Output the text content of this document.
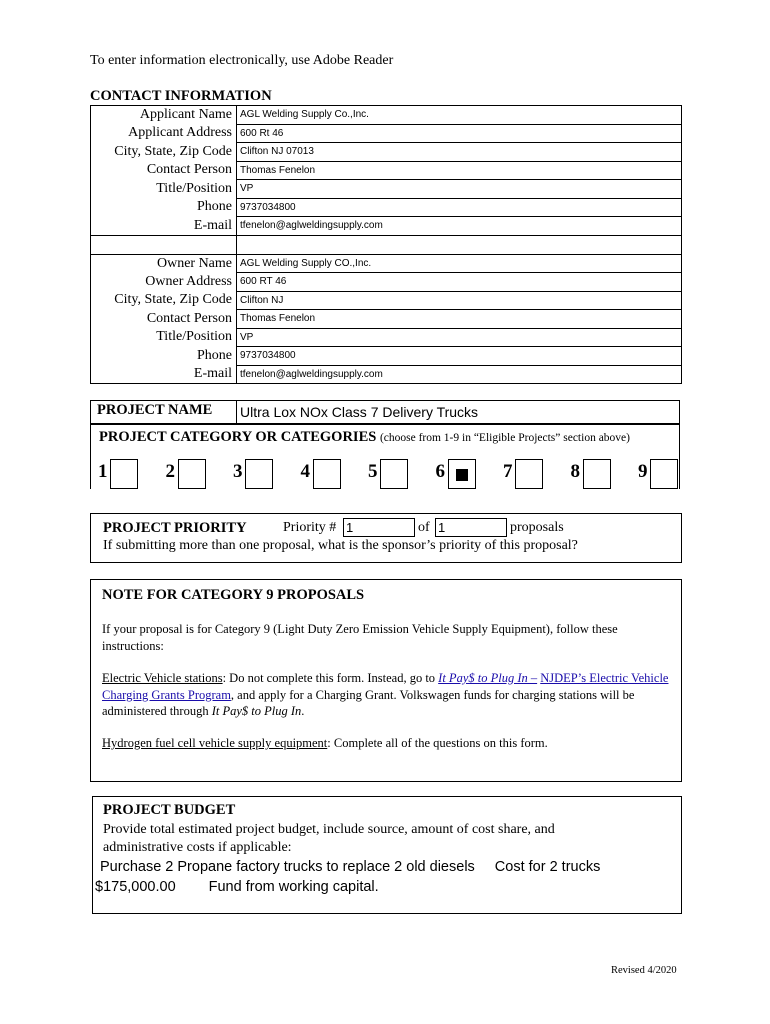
To enter information electronically, use Adobe Reader
CONTACT INFORMATION
Applicant Name	AGL Welding Supply Co.,Inc.
Applicant Address	600 Rt 46
City, State, Zip Code	Clifton NJ 07013
Contact Person	Thomas Fenelon
Title/Position	VP
Phone	9737034800
E-mail	tfenelon@aglweldingsupply.com

Owner Name	AGL Welding Supply CO.,Inc.
Owner Address	600 RT 46
City, State, Zip Code	Clifton NJ
Contact Person	Thomas Fenelon
Title/Position	VP
Phone	9737034800
E-mail	tfenelon@aglweldingsupply.com
PROJECT NAME Ultra Lox NOx Class 7 Delivery Trucks
PROJECT CATEGORY OR CATEGORIES (choose from 1-9 in “Eligible Projects” section above)
1	2	3	4	5	6	7	8	9
PROJECT PRIORITY	Priority # 1	of 1	proposals
If submitting more than one proposal, what is the sponsor’s priority of this proposal?
NOTE FOR CATEGORY 9 PROPOSALS
If your proposal is for Category 9 (Light Duty Zero Emission Vehicle Supply Equipment), follow these instructions:
Electric Vehicle stations: Do not complete this form. Instead, go to It Pay$ to Plug In – NJDEP’s Electric Vehicle Charging Grants Program, and apply for a Charging Grant. Volkswagen funds for charging stations will be administered through It Pay$ to Plug In.
Hydrogen fuel cell vehicle supply equipment: Complete all of the questions on this form.
PROJECT BUDGET
Provide total estimated project budget, include source, amount of cost share, and administrative costs if applicable:
Purchase 2 Propane factory trucks to replace 2 old diesels Cost for 2 trucks
$175,000.00 Fund from working capital.
Revised 4/2020
